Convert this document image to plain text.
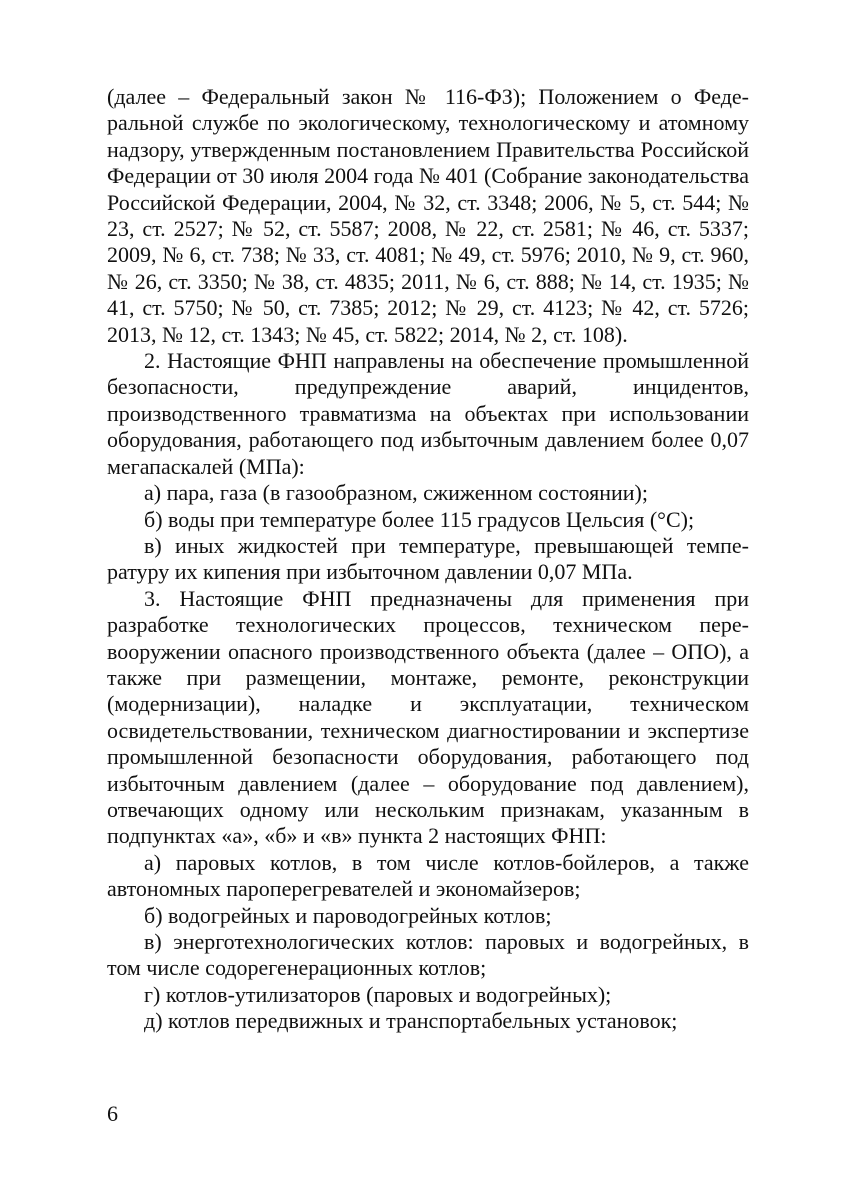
(далее – Федеральный закон № 116-ФЗ); Положением о Федеральной службе по экологическому, технологическому и атомному надзору, утвержденным постановлением Правительства Российской Федерации от 30 июля 2004 года № 401 (Собрание законодательства Российской Федерации, 2004, № 32, ст. 3348; 2006, № 5, ст. 544; № 23, ст. 2527; № 52, ст. 5587; 2008, № 22, ст. 2581; № 46, ст. 5337; 2009, № 6, ст. 738; № 33, ст. 4081; № 49, ст. 5976; 2010, № 9, ст. 960, № 26, ст. 3350; № 38, ст. 4835; 2011, № 6, ст. 888; № 14, ст. 1935; № 41, ст. 5750; № 50, ст. 7385; 2012; № 29, ст. 4123; № 42, ст. 5726; 2013, № 12, ст. 1343; № 45, ст. 5822; 2014, № 2, ст. 108).

2. Настоящие ФНП направлены на обеспечение промышленной безопасности, предупреждение аварий, инцидентов, производственного травматизма на объектах при использовании оборудования, работающего под избыточным давлением более 0,07 мегапаскалей (МПа):

а) пара, газа (в газообразном, сжиженном состоянии);

б) воды при температуре более 115 градусов Цельсия (°С);

в) иных жидкостей при температуре, превышающей температуру их кипения при избыточном давлении 0,07 МПа.

3. Настоящие ФНП предназначены для применения при разработке технологических процессов, техническом перевооружении опасного производственного объекта (далее – ОПО), а также при размещении, монтаже, ремонте, реконструкции (модернизации), наладке и эксплуатации, техническом освидетельствовании, техническом диагностировании и экспертизе промышленной безопасности оборудования, работающего под избыточным давлением (далее – оборудование под давлением), отвечающих одному или нескольким признакам, указанным в подпунктах «а», «б» и «в» пункта 2 настоящих ФНП:

а) паровых котлов, в том числе котлов-бойлеров, а также автономных пароперегревателей и экономайзеров;

б) водогрейных и пароводогрейных котлов;

в) энерготехнологических котлов: паровых и водогрейных, в том числе содорегенерационных котлов;

г) котлов-утилизаторов (паровых и водогрейных);

д) котлов передвижных и транспортабельных установок;

6
